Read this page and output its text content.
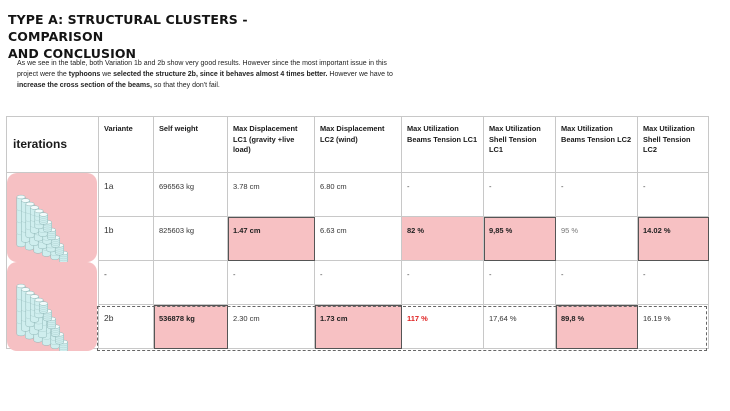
TYPE A: STRUCTURAL CLUSTERS - COMPARISON
AND CONCLUSION
As we see in the table, both Variation 1b and 2b show very good results. However since the most important issue in this project were the typhoons we selected the structure 2b, since it behaves almost 4 times better. However we have to increase the cross section of the beams, so that they don't fail.
iterations	Variante	Self weight	Max Displacement LC1 (gravity +live load)	Max Displacement LC2 (wind)	Max Utilization Beams Tension LC1	Max Utilization Shell Tension LC1	Max Utilization Beams Tension LC2	Max Utilization Shell Tension LC2

	1a	696563 kg	3.78 cm	6.80 cm	-	-	-	-
	1b	825603 kg	1.47 cm	6.63 cm	82 %	9,85 %	95 %	14.02 %
	-		-	-	-	-	-	-
	2b	536878 kg	2.30 cm	1.73 cm	117 %	17,64 %	89,8 %	16.19 %
